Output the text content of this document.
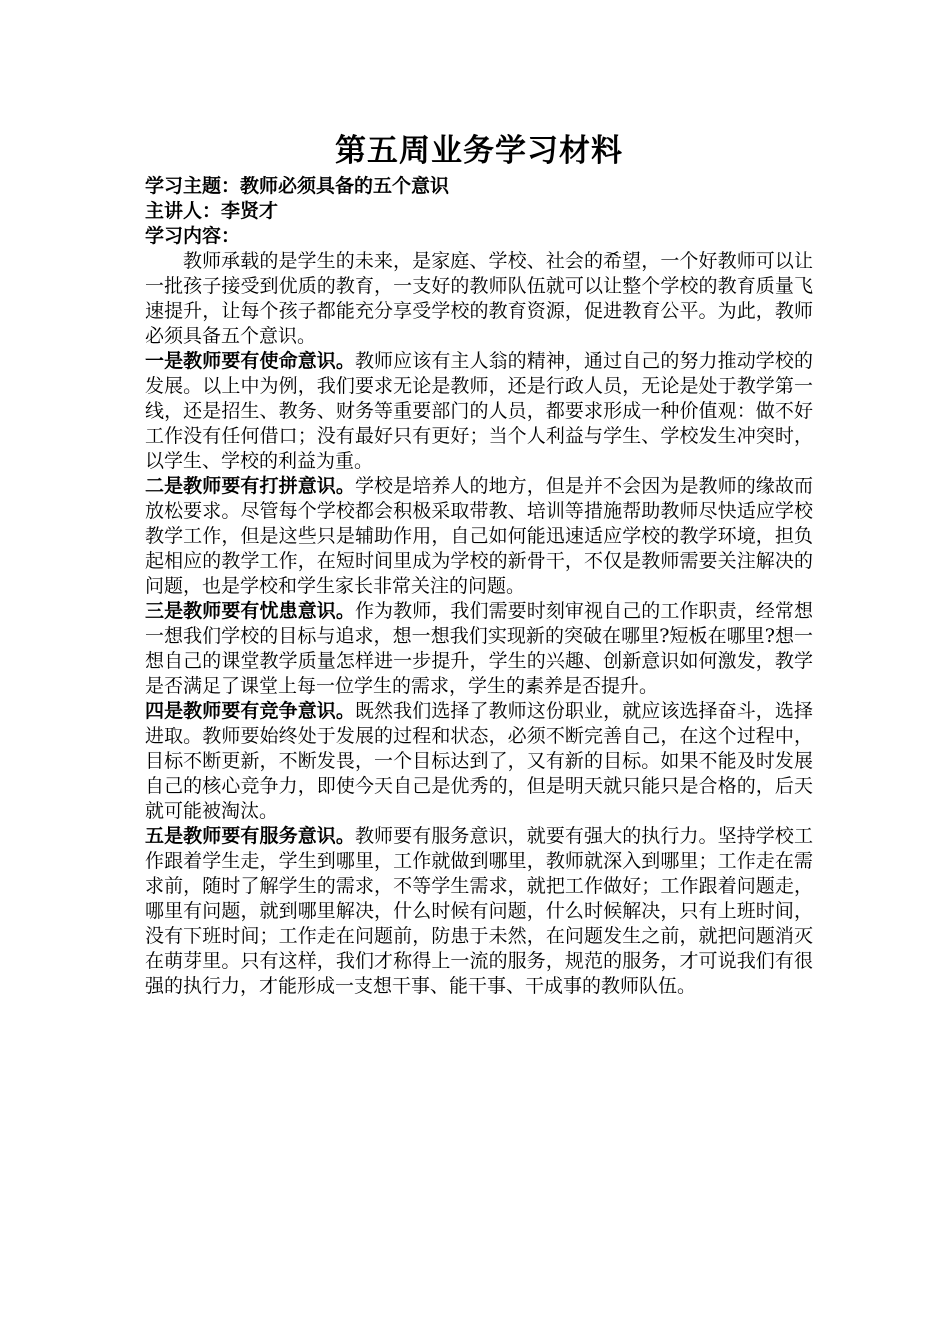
第五周业务学习材料

学习主题：教师必须具备的五个意识

主讲人：李贤才

学习内容：

教师承载的是学生的未来，是家庭、学校、社会的希望，一个好教师可以让一批孩子接受到优质的教育，一支好的教师队伍就可以让整个学校的教育质量飞速提升，让每个孩子都能充分享受学校的教育资源，促进教育公平。为此，教师必须具备五个意识。

一是教师要有使命意识。教师应该有主人翁的精神，通过自己的努力推动学校的发展。以上中为例，我们要求无论是教师，还是行政人员，无论是处于教学第一线，还是招生、教务、财务等重要部门的人员，都要求形成一种价值观：做不好工作没有任何借口；没有最好只有更好；当个人利益与学生、学校发生冲突时，以学生、学校的利益为重。

二是教师要有打拼意识。学校是培养人的地方，但是并不会因为是教师的缘故而放松要求。尽管每个学校都会积极采取带教、培训等措施帮助教师尽快适应学校教学工作，但是这些只是辅助作用，自己如何能迅速适应学校的教学环境，担负起相应的教学工作，在短时间里成为学校的新骨干，不仅是教师需要关注解决的问题，也是学校和学生家长非常关注的问题。

三是教师要有忧患意识。作为教师，我们需要时刻审视自己的工作职责，经常想一想我们学校的目标与追求，想一想我们实现新的突破在哪里?短板在哪里?想一想自己的课堂教学质量怎样进一步提升，学生的兴趣、创新意识如何激发，教学是否满足了课堂上每一位学生的需求，学生的素养是否提升。

四是教师要有竞争意识。既然我们选择了教师这份职业，就应该选择奋斗，选择进取。教师要始终处于发展的过程和状态，必须不断完善自己，在这个过程中，目标不断更新，不断发畏，一个目标达到了，又有新的目标。如果不能及时发展自己的核心竞争力，即使今天自己是优秀的，但是明天就只能只是合格的，后天就可能被淘汰。

五是教师要有服务意识。教师要有服务意识，就要有强大的执行力。坚持学校工作跟着学生走，学生到哪里，工作就做到哪里，教师就深入到哪里；工作走在需求前，随时了解学生的需求，不等学生需求，就把工作做好；工作跟着问题走，哪里有问题，就到哪里解决，什么时候有问题，什么时候解决，只有上班时间，没有下班时间；工作走在问题前，防患于未然，在问题发生之前，就把问题消灭在萌芽里。只有这样，我们才称得上一流的服务，规范的服务，才可说我们有很强的执行力，才能形成一支想干事、能干事、干成事的教师队伍。
